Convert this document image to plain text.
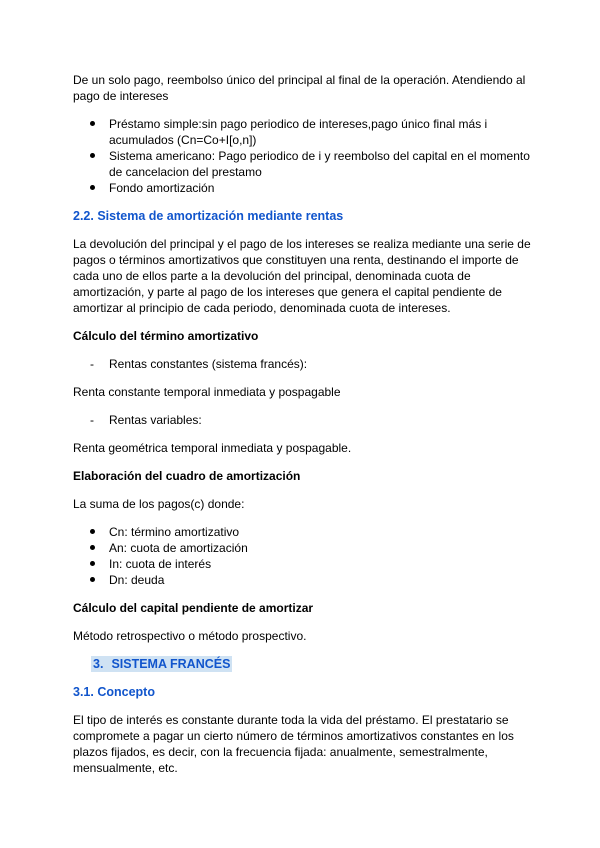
De un solo pago, reembolso único del principal al final de la operación. Atendiendo al pago de intereses

Préstamo simple:sin pago periodico de intereses,pago único final más i acumulados (Cn=Co+I[o,n])
Sistema americano: Pago periodico de i y reembolso del capital en el momento de cancelacion del prestamo
Fondo amortización
2.2. Sistema de amortización mediante rentas

La devolución del principal y el pago de los intereses se realiza mediante una serie de pagos o términos amortizativos que constituyen una renta, destinando el importe de cada uno de ellos parte a la devolución del principal, denominada cuota de amortización, y parte al pago de los intereses que genera el capital pendiente de amortizar al principio de cada periodo, denominada cuota de intereses.

Cálculo del término amortizativo
- Rentas constantes (sistema francés):

Renta constante temporal inmediata y pospagable

- Rentas variables:

Renta geométrica temporal inmediata y pospagable.

Elaboración del cuadro de amortización

La suma de los pagos(c) donde:

Cn: término amortizativo
An: cuota de amortización
In: cuota de interés
Dn: deuda
Cálculo del capital pendiente de amortizar

Método retrospectivo o método prospectivo.

3. SISTEMA FRANCÉS
3.1. Concepto

El tipo de interés es constante durante toda la vida del préstamo. El prestatario se compromete a pagar un cierto número de términos amortizativos constantes en los plazos fijados, es decir, con la frecuencia fijada: anualmente, semestralmente, mensualmente, etc.
